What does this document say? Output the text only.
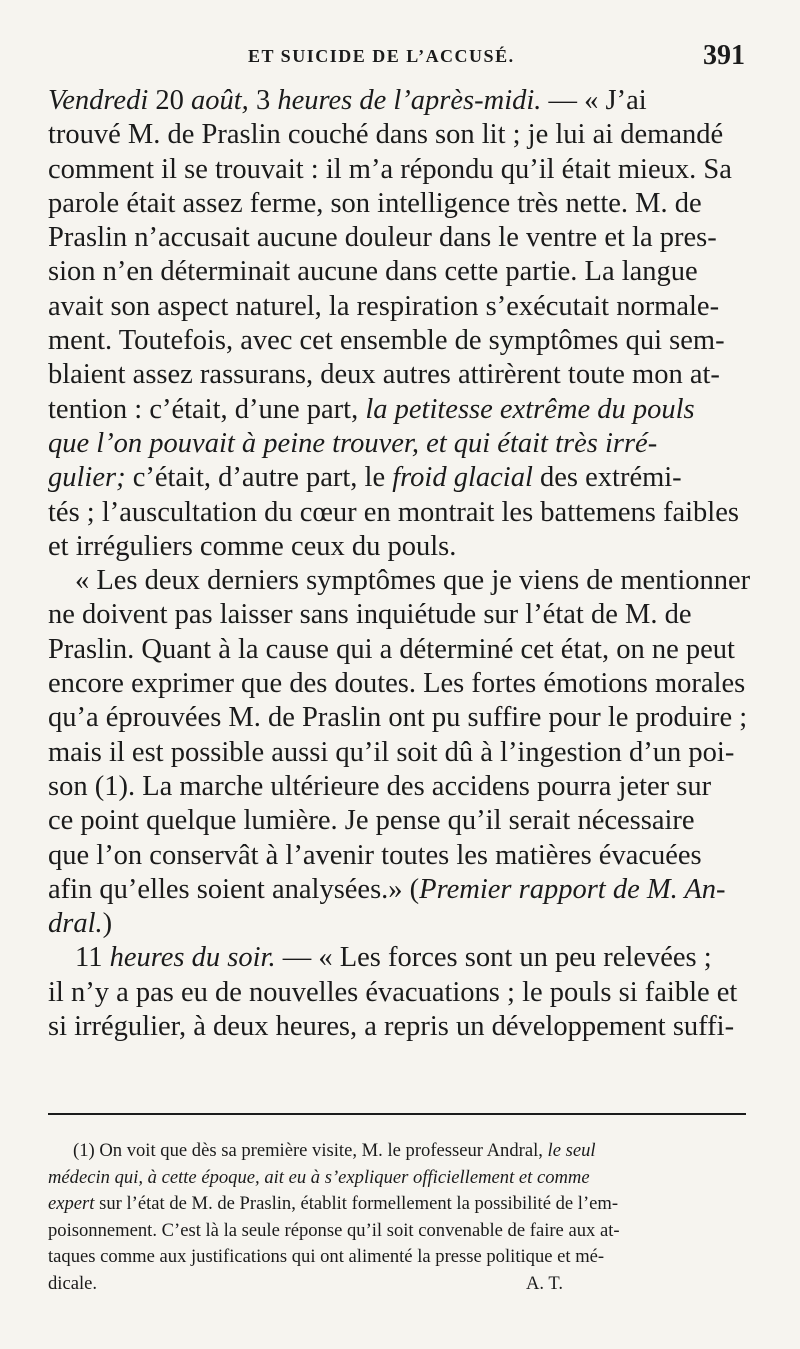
ET SUICIDE DE L’ACCUSÉ.	391
Vendredi 20 août, 3 heures de l’après-midi. — « J’ai
trouvé M. de Praslin couché dans son lit ; je lui ai demandé
comment il se trouvait : il m’a répondu qu’il était mieux. Sa
parole était assez ferme, son intelligence très nette. M. de
Praslin n’accusait aucune douleur dans le ventre et la pres-
sion n’en déterminait aucune dans cette partie. La langue
avait son aspect naturel, la respiration s’exécutait normale-
ment. Toutefois, avec cet ensemble de symptômes qui sem-
blaient assez rassurans, deux autres attirèrent toute mon at-
tention : c’était, d’une part, la petitesse extrême du pouls
que l’on pouvait à peine trouver, et qui était très irré-
gulier; c’était, d’autre part, le froid glacial des extrémi-
tés ; l’auscultation du cœur en montrait les battemens faibles
et irréguliers comme ceux du pouls.
« Les deux derniers symptômes que je viens de mentionner
ne doivent pas laisser sans inquiétude sur l’état de M. de
Praslin. Quant à la cause qui a déterminé cet état, on ne peut
encore exprimer que des doutes. Les fortes émotions morales
qu’a éprouvées M. de Praslin ont pu suffire pour le produire ;
mais il est possible aussi qu’il soit dû à l’ingestion d’un poi-
son (1). La marche ultérieure des accidens pourra jeter sur
ce point quelque lumière. Je pense qu’il serait nécessaire
que l’on conservât à l’avenir toutes les matières évacuées
afin qu’elles soient analysées.» (Premier rapport de M. An-
dral.)
11 heures du soir. — « Les forces sont un peu relevées ;
il n’y a pas eu de nouvelles évacuations ; le pouls si faible et
si irrégulier, à deux heures, a repris un développement suffi-
(1) On voit que dès sa première visite, M. le professeur Andral, le seul
médecin qui, à cette époque, ait eu à s’expliquer officiellement et comme
expert sur l’état de M. de Praslin, établit formellement la possibilité de l’em-
poisonnement. C’est là la seule réponse qu’il soit convenable de faire aux at-
taques comme aux justifications qui ont alimenté la presse politique et mé-
dicale.	A. T.
